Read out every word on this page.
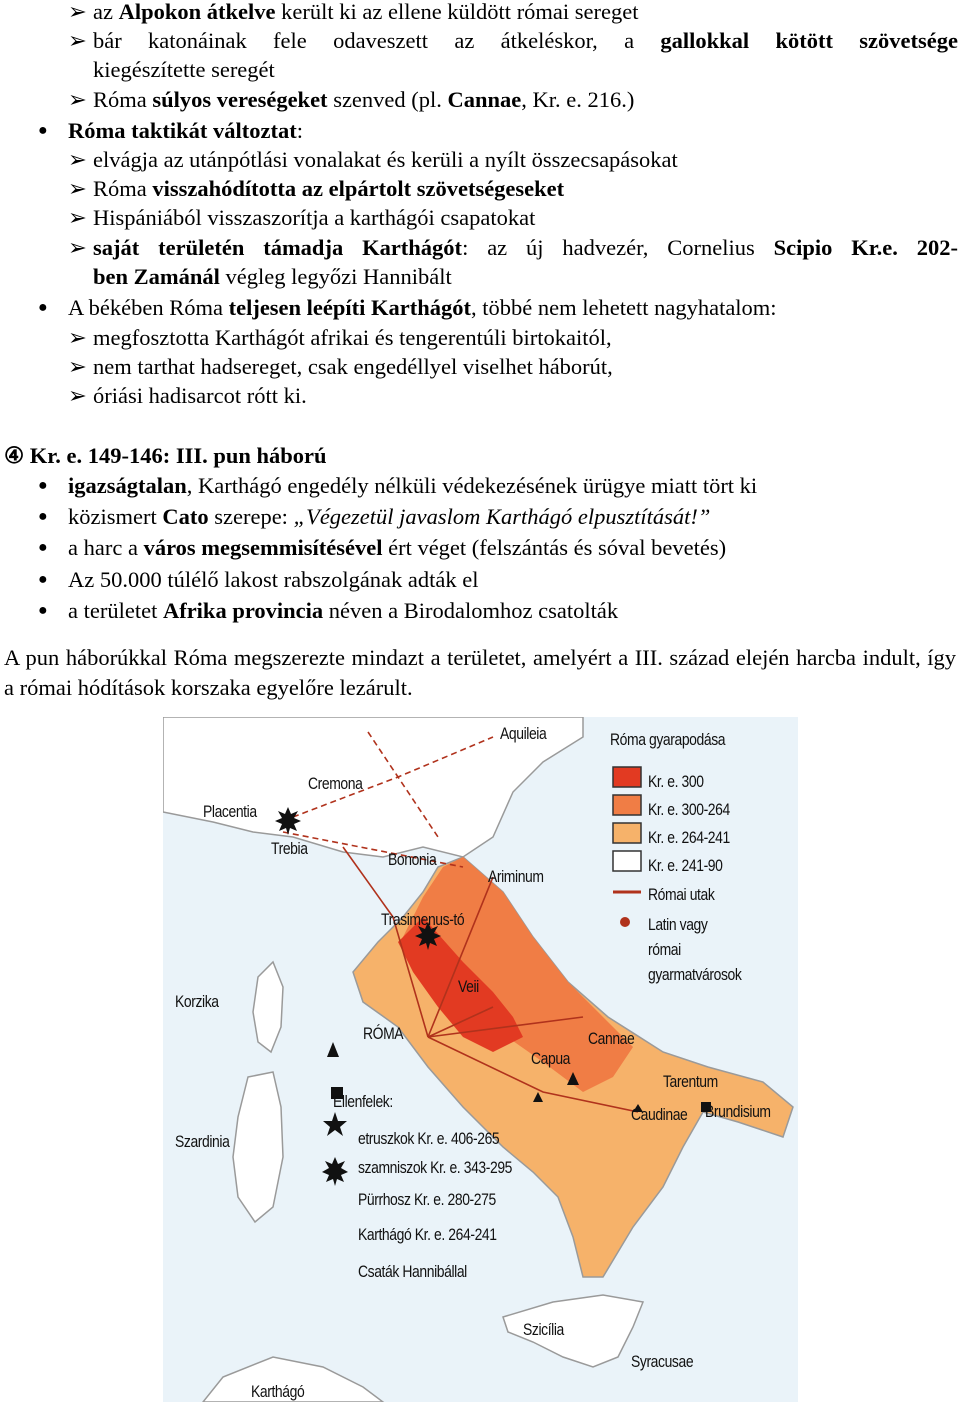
➢ az Alpokon átkelve került ki az ellene küldött római sereget
➢ bár katonáinak fele odaveszett az átkeléskor, a gallokkal kötött szövetsége
kiegészítette seregét
➢ Róma súlyos vereségeket szenved (pl. Cannae, Kr. e. 216.)
● Róma taktikát változtat:
➢ elvágja az utánpótlási vonalakat és kerüli a nyílt összecsapásokat
➢ Róma visszahódította az elpártolt szövetségeseket
➢ Hispániából visszaszorítja a karthágói csapatokat
➢ saját területén támadja Karthágót: az új hadvezér, Cornelius Scipio Kr.e. 202-
ben Zamánál végleg legyőzi Hannibált
● A békében Róma teljesen leépíti Karthágót, többé nem lehetett nagyhatalom:
➢ megfosztotta Karthágót afrikai és tengerentúli birtokaitól,
➢ nem tarthat hadsereget, csak engedéllyel viselhet háborút,
➢ óriási hadisarcot rótt ki.
④ Kr. e. 149-146: III. pun háború
● igazságtalan, Karthágó engedély nélküli védekezésének ürügye miatt tört ki
● közismert Cato szerepe: „Végezetül javaslom Karthágó elpusztítását!”
● a harc a város megsemmisítésével ért véget (felszántás és sóval bevetés)
● Az 50.000 túlélő lakost rabszolgának adták el
● a területet Afrika provincia néven a Birodalomhoz csatolták
A pun háborúkkal Róma megszerezte mindazt a területet, amelyért a III. század elején harcba indult, így a római hódítások korszaka egyelőre lezárult.
Aquileia
Cremona
Placentia
Trebia
Bononia
Ariminum
Trasimenus-tó
Veii
Korzika
RÓMA	Cannae
Capua
Tarentum
Caudinae Brundisium
Szardinia
Szicília
Syracusae
Karthágó
Róma gyarapodása
Kr. e. 300
Kr. e. 300-264
Kr. e. 264-241
Kr. e. 241-90
Római utak
Latin vagy
római
gyarmatvárosok
Ellenfelek:
etruszkok Kr. e. 406-265
szamniszok Kr. e. 343-295
Pürrhosz Kr. e. 280-275
Karthágó Kr. e. 264-241
Csaták Hannibállal
